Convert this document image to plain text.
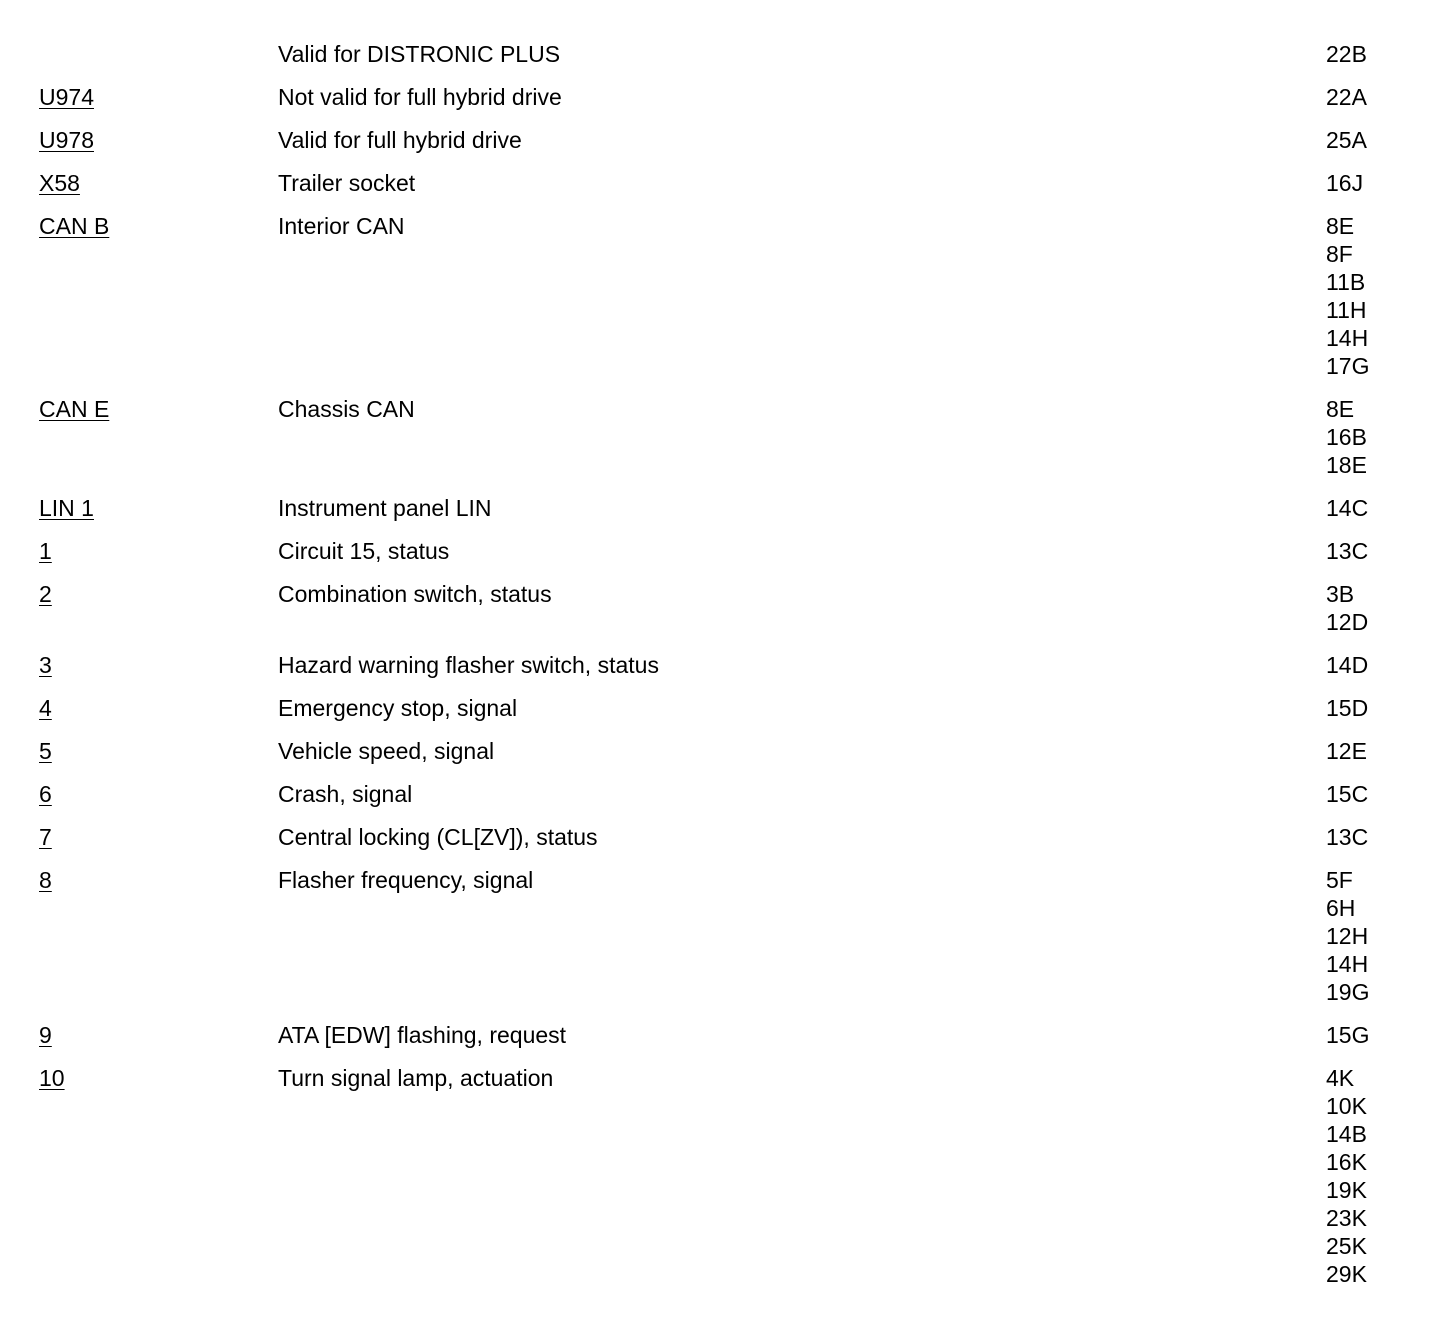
Valid for DISTRONIC PLUS	22B
U974	Not valid for full hybrid drive	22A
U978	Valid for full hybrid drive	25A
X58	Trailer socket	16J
CAN B	Interior CAN	8E
8F
11B
11H
14H
17G
CAN E	Chassis CAN	8E
16B
18E
LIN 1	Instrument panel LIN	14C
1	Circuit 15, status	13C
2	Combination switch, status	3B
12D
3	Hazard warning flasher switch, status	14D
4	Emergency stop, signal	15D
5	Vehicle speed, signal	12E
6	Crash, signal	15C
7	Central locking (CL[ZV]), status	13C
8	Flasher frequency, signal	5F
6H
12H
14H
19G
9	ATA [EDW] flashing, request	15G
10	Turn signal lamp, actuation	4K
10K
14B
16K
19K
23K
25K
29K
